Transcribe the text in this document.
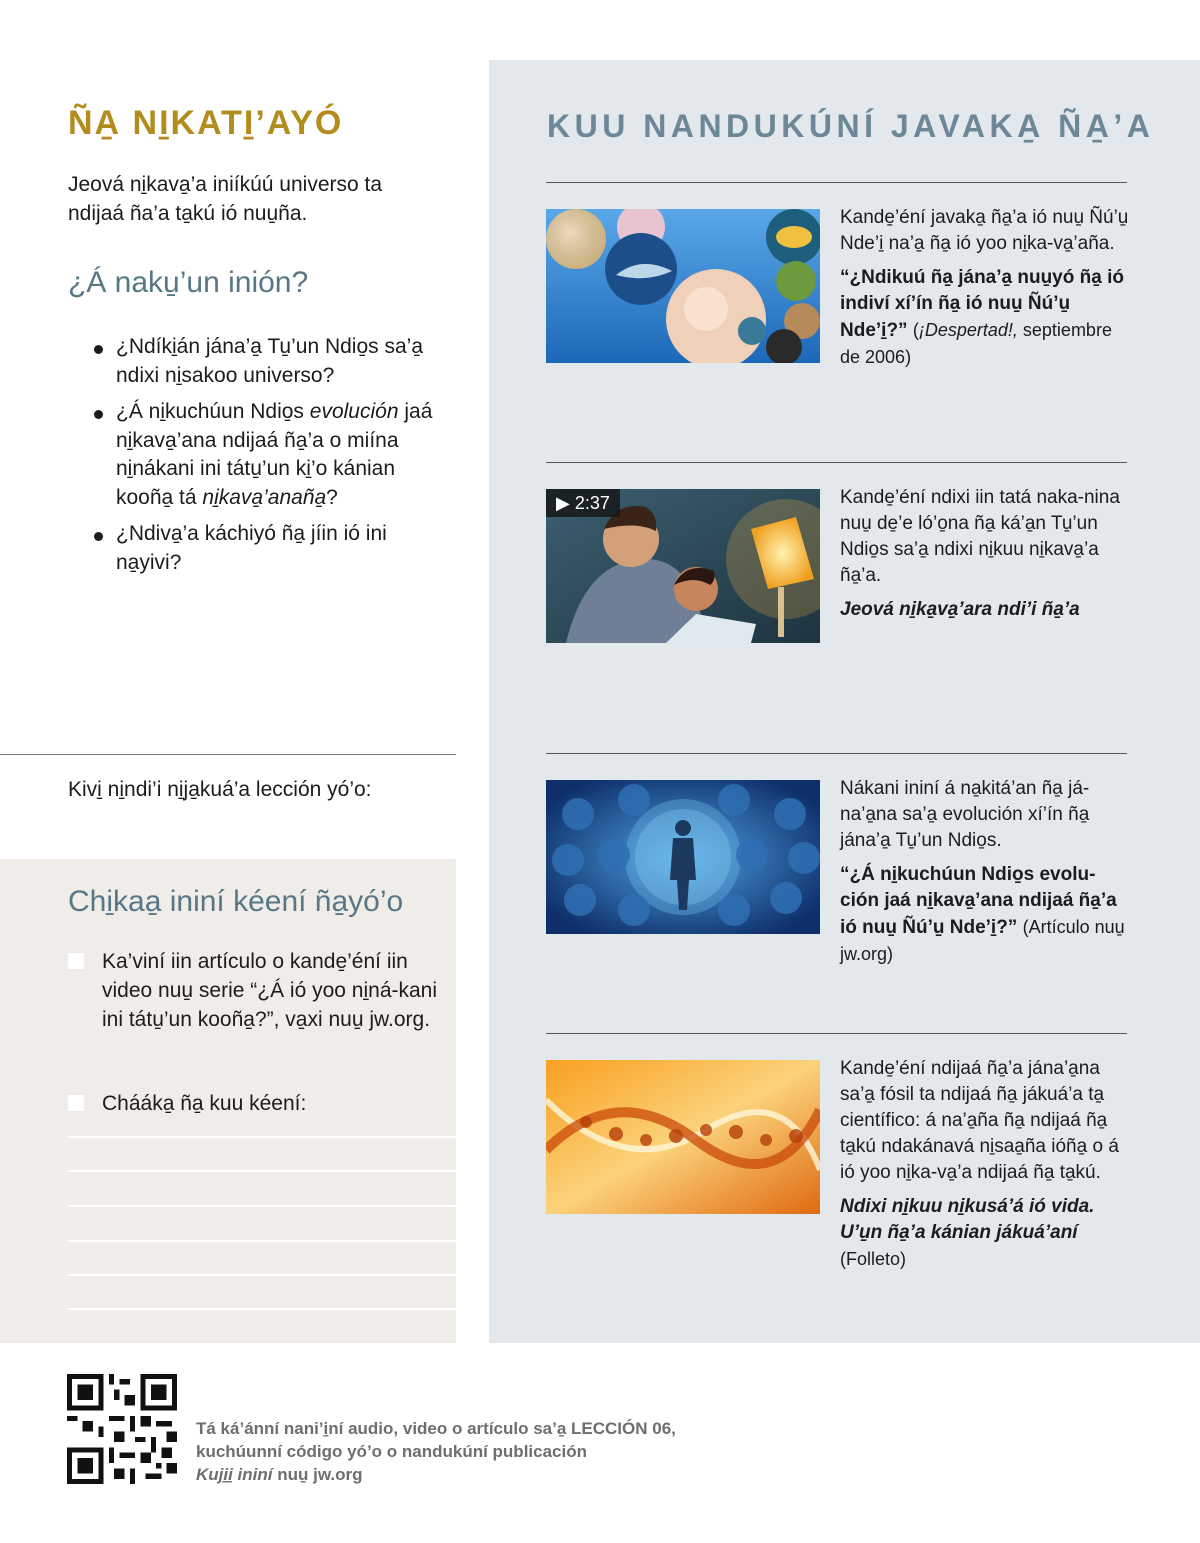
ÑA̱ NI̱KATI̱’AYÓ
Jeová ni̱kava̱’a iniíkúú universo ta ndijaá ña’a ta̱kú ió nuu̱ña.
¿Á naku̱’un inión?
¿Ndíki̱án jána’a̱ Tu̱’un Ndio̱s sa’a̱ ndixi ni̱sakoo universo?
¿Á ni̱kuchúun Ndio̱s evolución jaá ni̱kava̱’ana ndijaá ña̱’a o miína ni̱nákani ini tátu̱’un ki̱’o kánian kooña̱ tá ni̱kava̱’anaña̱?
¿Ndiva̱’a káchiyó ña̱ jíin ió ini na̱yivi?
Kivi̱ ni̱ndi’i ni̱ja̱kuá’a lección yó’o:
Chi̱kaa̱ ininí kéení ña̱yó’o
Ka’viní iin artículo o kande̱’éní iin video nuu̱ serie “¿Á ió yoo ni̱ná-kani ini tátu̱’un kooña̱?”, va̱xi nuu̱ jw.org.
Chááka̱ ña̱ kuu kéení:
KUU NANDUKÚNÍ JAVAKA̱ ÑA̱’A

Kande̱’éní javaka̱ ña̱’a ió nuu̱ Ñú’u̱ Nde’i̱ na’a̱ ña̱ ió yoo ni̱ka-va̱’aña.

“¿Ndikuú ña̱ jána’a̱ nuu̱yó ña̱ ió indiví xí’ín ña̱ ió nuu̱ Ñú’u̱ Nde’i̱?” (¡Despertad!, septiembre de 2006)

▶ 2:37	Kande̱’éní ndixi iin tatá naka-nina nuu̱ de̱’e ló’o̱na ña̱ ká’a̱n Tu̱’un Ndio̱s sa’a̱ ndixi ni̱kuu ni̱kava̱’a ña̱’a.

Jeová ni̱ka̱va̱’ara ndi’i ña̱’a

Nákani ininí á na̱kitá’an ña̱ já-na’a̱na sa’a̱ evolución xí’ín ña̱ jána’a̱ Tu̱’un Ndio̱s.

“¿Á ni̱kuchúun Ndio̱s evolu-ción jaá ni̱kava̱’ana ndijaá ña̱’a ió nuu̱ Ñú’u̱ Nde’i̱?” (Artículo nuu̱ jw.org)

Kande̱’éní ndijaá ña̱’a jána’a̱na sa’a̱ fósil ta ndijaá ña̱ jákuá’a ta̱ científico: á na’a̱ña ña̱ ndijaá ña̱ ta̱kú ndakánavá ni̱saa̱ña ióña̱ o á ió yoo ni̱ka-va̱’a ndijaá ña̱ ta̱kú.

Ndixi ni̱kuu ni̱kusá’á ió vida. U’u̱n ña̱’a kánian jákuá’aní
(Folleto)

Tá ká’ánní nani’i̱ní audio, video o artículo sa’a̱ LECCIÓN 06,
kuchúunní código yó’o o nandukúní publicación
Kuji̱i̱ ininí nuu̱ jw.org
